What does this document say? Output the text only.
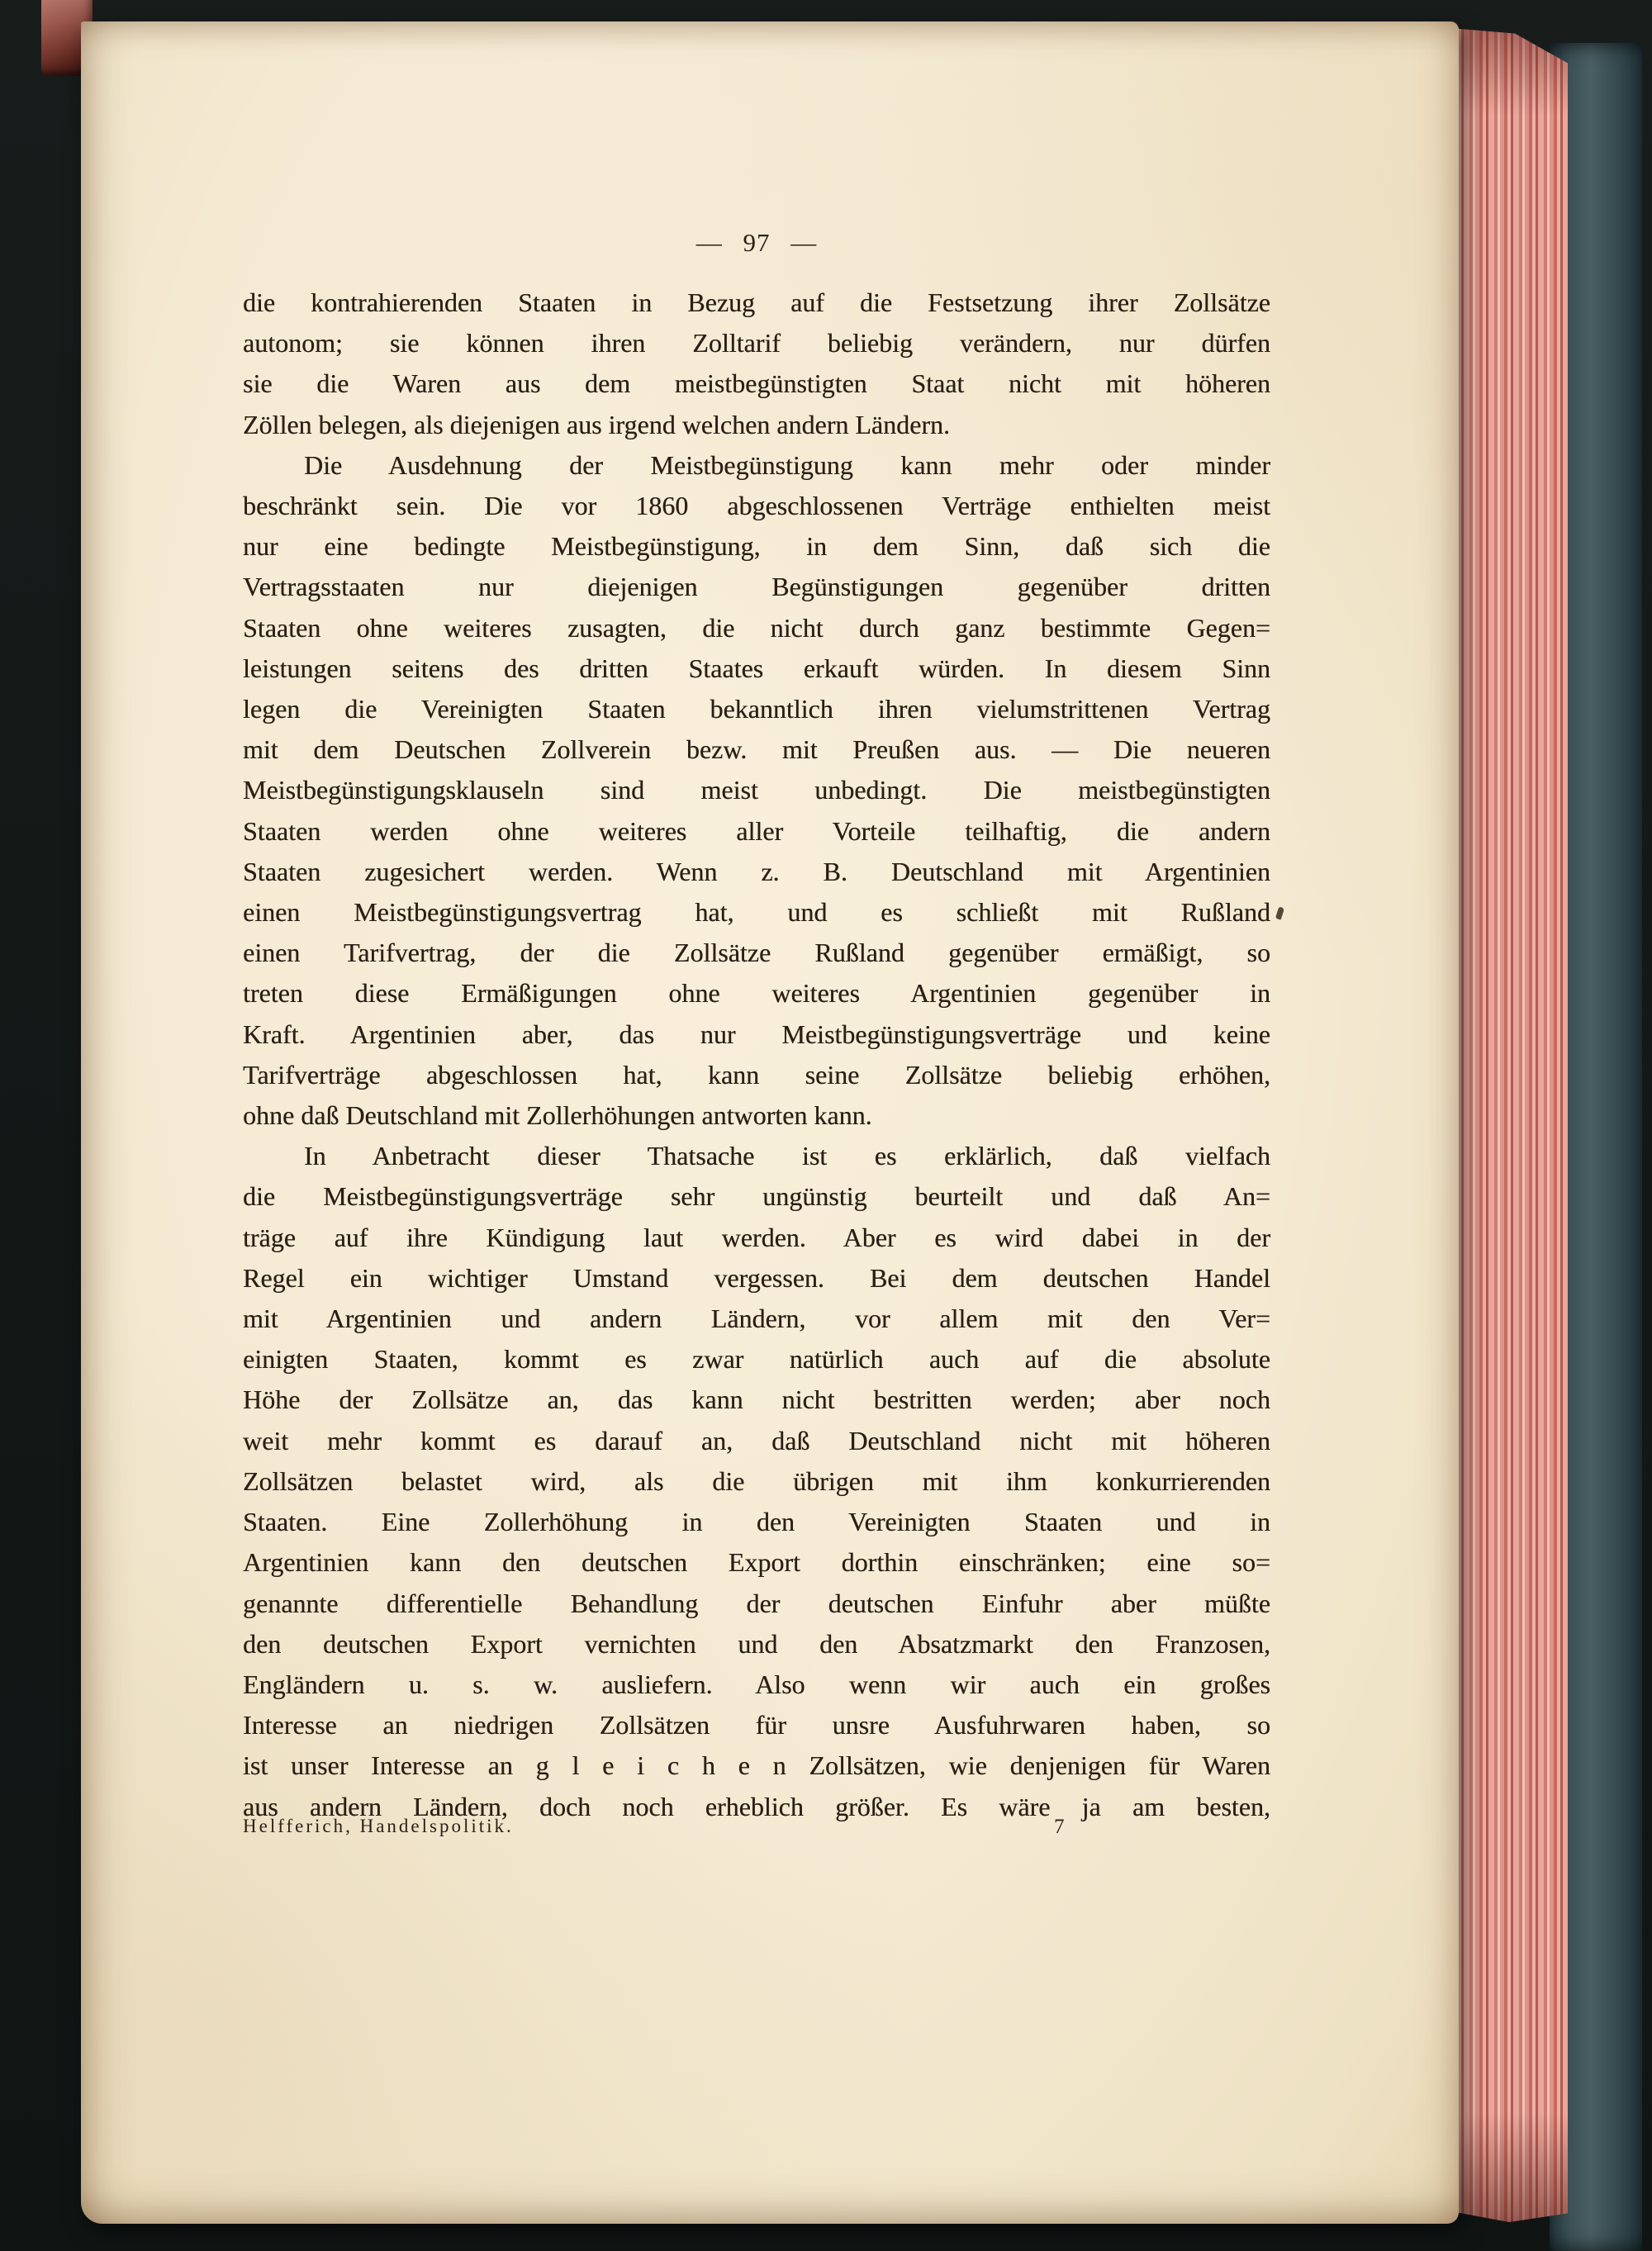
— 97 —
die kontrahierenden Staaten in Bezug auf die Festsetzung ihrer Zollsätze
autonom; sie können ihren Zolltarif beliebig verändern, nur dürfen
sie die Waren aus dem meistbegünstigten Staat nicht mit höheren
Zöllen belegen, als diejenigen aus irgend welchen andern Ländern.
Die Ausdehnung der Meistbegünstigung kann mehr oder minder
beschränkt sein. Die vor 1860 abgeschlossenen Verträge enthielten meist
nur eine bedingte Meistbegünstigung, in dem Sinn, daß sich die
Vertragsstaaten nur diejenigen Begünstigungen gegenüber dritten
Staaten ohne weiteres zusagten, die nicht durch ganz bestimmte Gegen=
leistungen seitens des dritten Staates erkauft würden. In diesem Sinn
legen die Vereinigten Staaten bekanntlich ihren vielumstrittenen Vertrag
mit dem Deutschen Zollverein bezw. mit Preußen aus. — Die neueren
Meistbegünstigungsklauseln sind meist unbedingt. Die meistbegünstigten
Staaten werden ohne weiteres aller Vorteile teilhaftig, die andern
Staaten zugesichert werden. Wenn z. B. Deutschland mit Argentinien
einen Meistbegünstigungsvertrag hat, und es schließt mit Rußland
einen Tarifvertrag, der die Zollsätze Rußland gegenüber ermäßigt, so
treten diese Ermäßigungen ohne weiteres Argentinien gegenüber in
Kraft. Argentinien aber, das nur Meistbegünstigungsverträge und keine
Tarifverträge abgeschlossen hat, kann seine Zollsätze beliebig erhöhen,
ohne daß Deutschland mit Zollerhöhungen antworten kann.
In Anbetracht dieser Thatsache ist es erklärlich, daß vielfach
die Meistbegünstigungsverträge sehr ungünstig beurteilt und daß An=
träge auf ihre Kündigung laut werden. Aber es wird dabei in der
Regel ein wichtiger Umstand vergessen. Bei dem deutschen Handel
mit Argentinien und andern Ländern, vor allem mit den Ver=
einigten Staaten, kommt es zwar natürlich auch auf die absolute
Höhe der Zollsätze an, das kann nicht bestritten werden; aber noch
weit mehr kommt es darauf an, daß Deutschland nicht mit höheren
Zollsätzen belastet wird, als die übrigen mit ihm konkurrierenden
Staaten. Eine Zollerhöhung in den Vereinigten Staaten und in
Argentinien kann den deutschen Export dorthin einschränken; eine so=
genannte differentielle Behandlung der deutschen Einfuhr aber müßte
den deutschen Export vernichten und den Absatzmarkt den Franzosen,
Engländern u. s. w. ausliefern. Also wenn wir auch ein großes
Interesse an niedrigen Zollsätzen für unsre Ausfuhrwaren haben, so
ist unser Interesse an g l e i c h e n Zollsätzen, wie denjenigen für Waren
aus andern Ländern, doch noch erheblich größer. Es wäre ja am besten,
Helfferich, Handelspolitik.	7
